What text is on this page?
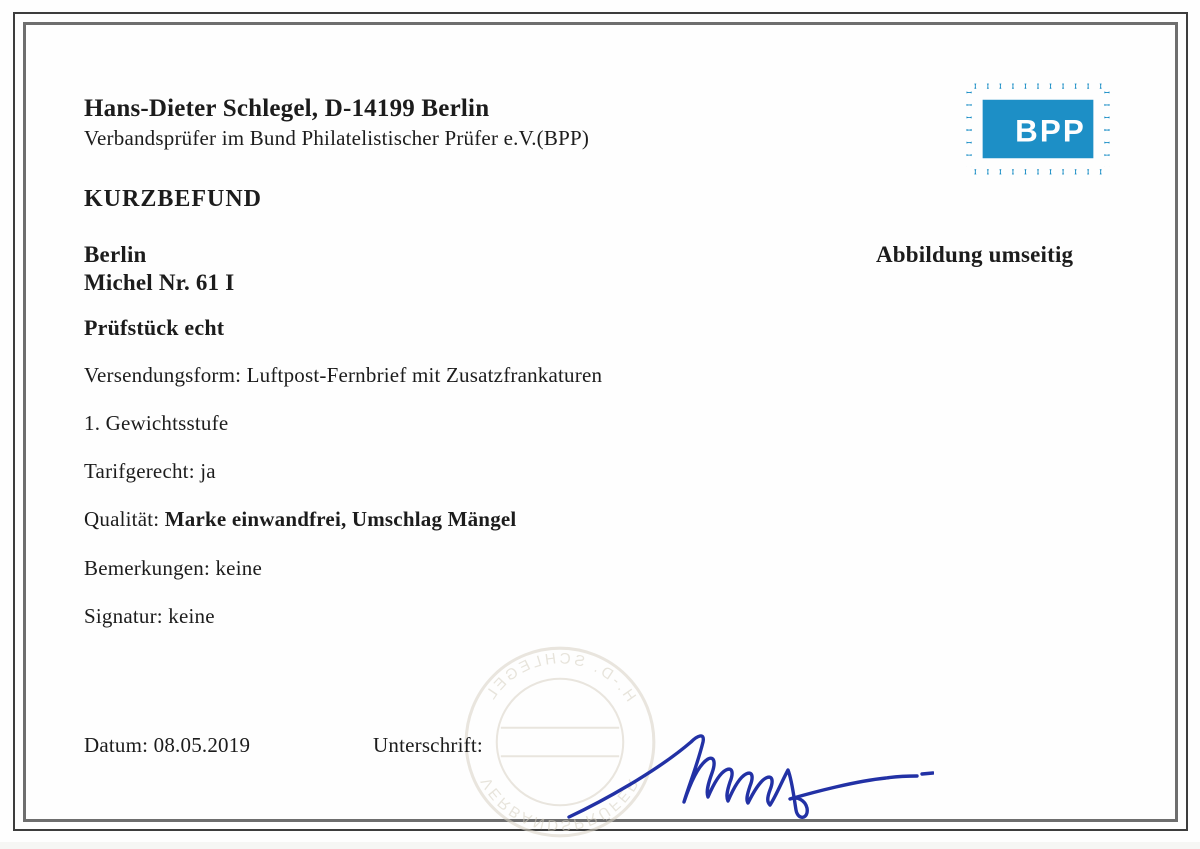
Hans-Dieter Schlegel, D-14199 Berlin
Verbandsprüfer im Bund Philatelistischer Prüfer e.V.(BPP)	BPP
KURZBEFUND
Berlin
Michel Nr. 61 I
Abbildung umseitig
Prüfstück echt
Versendungsform: Luftpost-Fernbrief mit Zusatzfrankaturen
1. Gewichtsstufe
Tarifgerecht: ja
Qualität: Marke einwandfrei, Umschlag Mängel
Bemerkungen: keine
Signatur: keine
H.-D. SCHLEGEL
VERBANDSPRÜFER
Datum: 08.05.2019	Unterschrift:
